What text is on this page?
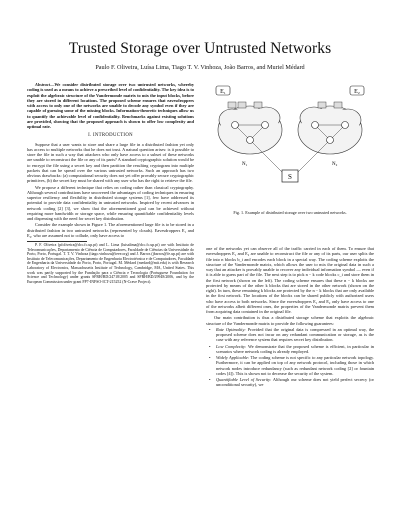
Trusted Storage over Untrusted Networks
Paulo F. Oliveira, Luísa Lima, Tiago T. V. Vinhoza, João Barros, and Muriel Médard

Abstract—We consider distributed storage over two untrusted networks, whereby coding is used as a means to achieve a prescribed level of confidentiality. The key idea is to exploit the algebraic structure of the Vandermonde matrix to mix the input blocks, before they are stored in different locations. The proposed scheme ensures that eavesdroppers with access to only one of the networks are unable to decode any symbol even if they are capable of guessing some of the missing blocks. Information-theoretic techniques allow us to quantify the achievable level of confidentiality. Benchmarks against existing solutions are provided, showing that the proposed approach is shown to offer low complexity and optimal rate.

I. INTRODUCTION

Suppose that a user wants to store and share a large file in a distributed fashion yet only has access to multiple networks that he does not trust. A natural question arises: is it possible to store the file in such a way that attackers who only have access to a subset of these networks are unable to reconstruct the file or any of its parts? A standard cryptographic solution would be to encrypt the file using a secret key and then partition the resulting cryptogram into multiple packets that can be spread over the various untrusted networks. Such an approach has two obvious drawbacks: (a) computational security does not yet offer provably secure cryptographic primitives, (b) the secret key must be shared with any user who has the right to retrieve the file.

We propose a different technique that relies on coding rather than classical cryptography. Although several contributions have uncovered the advantages of coding techniques in ensuring superior resiliency and flexibility in distributed storage systems [1], few have addressed its potential to provide data confidentiality in untrusted networks. Inspired by recent advances in network coding [2] [3], we show that the aforementioned goal can be achieved without requiring more bandwidth or storage space, while ensuring quantifiable confidentiality levels and dispensing with the need for secret key distribution.

Consider the example shown in Figure 1. The aforementioned large file is to be stored in a distributed fashion in two untrusted networks (represented by clouds). Eavesdroppers E₁ and E₂, who are assumed not to collude, only have access to

P. F. Oliveira (pfoliveira@dcc.fc.up.pt) and L. Lima (luisalima@dcc.fc.up.pt) are with Instituto de Telecomunicações, Departamento de Ciência de Computadores, Faculdade de Ciências da Universidade do Porto, Porto, Portugal. T. T. V. Vinhoza (tiago.vinhoza@ieee.org) and J. Barros (jbarros@fe.up.pt) are with Instituto de Telecomunicações, Departamento de Engenharia Electrotécnica e de Computadores, Faculdade de Engenharia da Universidade do Porto, Porto, Portugal. M. Médard (medard@mit.edu) is with Research Laboratory of Electronics, Massachusetts Institute of Technology, Cambridge, MA, United States. This work was partly supported by the Fundação para a Ciência e Tecnologia (Portuguese Foundation for Science and Technology) under grants SFRH/BD/24718/2005 and SFRH/BD/29948/2006, and by the European Commission under grant FP7-INFSO-ICT-215252 (N-Crave Project).

E₁	E₂
S
N₁	N₂
Fig. 1. Example of distributed storage over two untrusted networks.

one of the networks yet can observe all of the traffic carried in each of them. To ensure that eavesdroppers E₁ and E₂ are unable to reconstruct the file or any of its parts, our user splits the file into n blocks b_i and encodes each block in a special way. The coding scheme exploits the structure of the Vandermonde matrix, which allows the user to mix the original data in such a way that an attacker is provably unable to recover any individual information symbol — even if it is able to guess part of the file. The next step is to pick n − k code blocks c_i and store them in the first network (shown on the left). The coding scheme ensures that these n − k blocks are protected by means of the other k blocks that are stored in the other network (shown on the right). In turn, these remaining k blocks are protected by the n − k blocks that are only available in the first network. The locations of the blocks can be shared publicly with authorized users who have access to both networks. Since the eavesdroppers E₁ and E₂ only have access to one of the networks albeit different ones, the properties of the Vandermonde matrix prevent them from acquiring data contained in the original file.

Our main contribution is thus a distributed storage scheme that exploits the algebraic structure of the Vandermonde matrix to provide the following guarantees:

• Rate Optimality: Provided that the original data is compressed in an optimal way, the proposed scheme does not incur on any redundant communication or storage, as is the case with any reference system that requires secret key distribution.
• Low Complexity: We demonstrate that the proposed scheme is efficient, in particular in scenarios where network coding is already employed.
• Widely Applicable: The coding scheme is not specific to any particular network topology. Furthermore, it can be applied on top of any network protocol, including those in which network nodes introduce redundancy (such as redundant network coding [2] or fountain codes [4]). This is shown not to decrease the security of the system.
• Quantifiable Level of Security: Although our scheme does not yield perfect secrecy (or unconditional security), we
